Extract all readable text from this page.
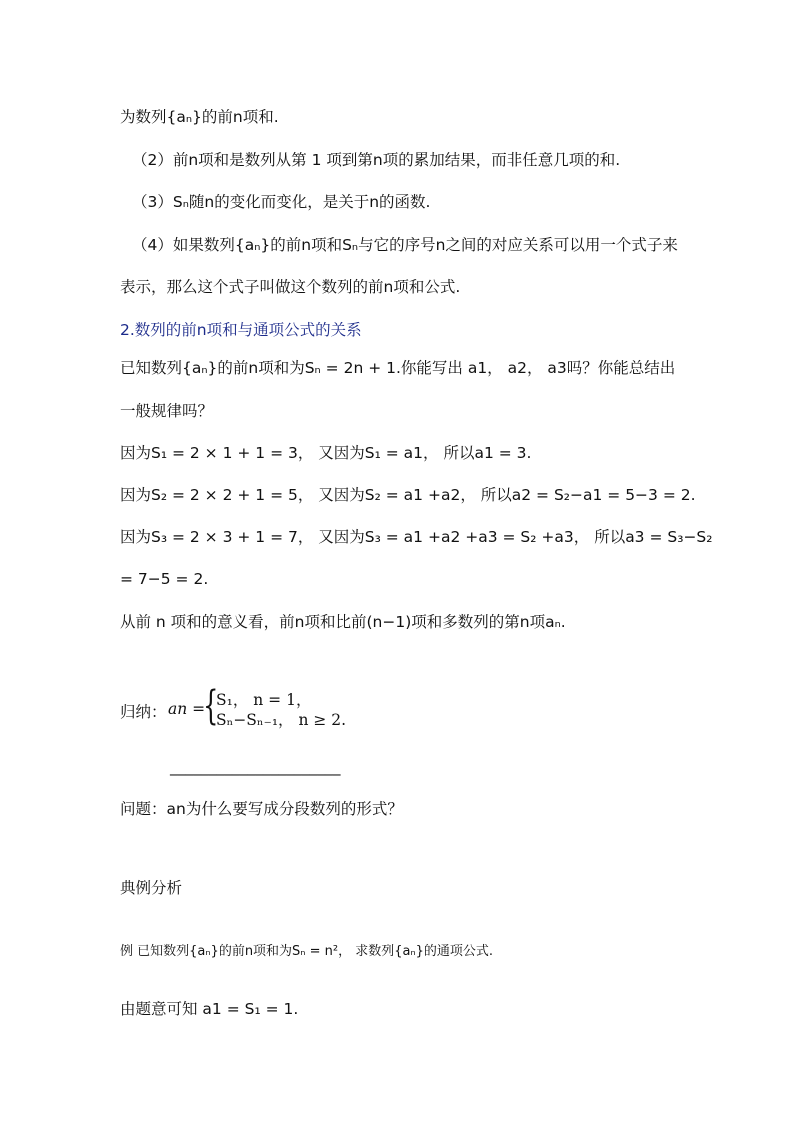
为数列{aₙ}的前n项和.
（2）前n项和是数列从第 1 项到第n项的累加结果，而非任意几项的和.
（3）Sₙ随n的变化而变化，是关于n的函数.
（4）如果数列{aₙ}的前n项和Sₙ与它的序号n之间的对应关系可以用一个式子来
表示，那么这个式子叫做这个数列的前n项和公式.
2.数列的前n项和与通项公式的关系
已知数列{aₙ}的前n项和为Sₙ = 2n + 1.你能写出 a1， a2， a3吗？你能总结出
一般规律吗？
因为S₁ = 2 × 1 + 1 = 3， 又因为S₁ = a1， 所以a1 = 3.
因为S₂ = 2 × 2 + 1 = 5， 又因为S₂ = a1 +a2， 所以a2 = S₂−a1 = 5−3 = 2.
因为S₃ = 2 × 3 + 1 = 7， 又因为S₃ = a1 +a2 +a3 = S₂ +a3， 所以a3 = S₃−S₂
= 7−5 = 2.
从前 n 项和的意义看，前n项和比前(n−1)项和多数列的第n项aₙ.
归纳： an =
{
S₁， n = 1，
Sₙ−Sₙ₋₁， n ≥ 2.
______________________
问题：an为什么要写成分段数列的形式？
典例分析
例 已知数列{aₙ}的前n项和为Sₙ = n²， 求数列{aₙ}的通项公式.
由题意可知 a1 = S₁ = 1.
